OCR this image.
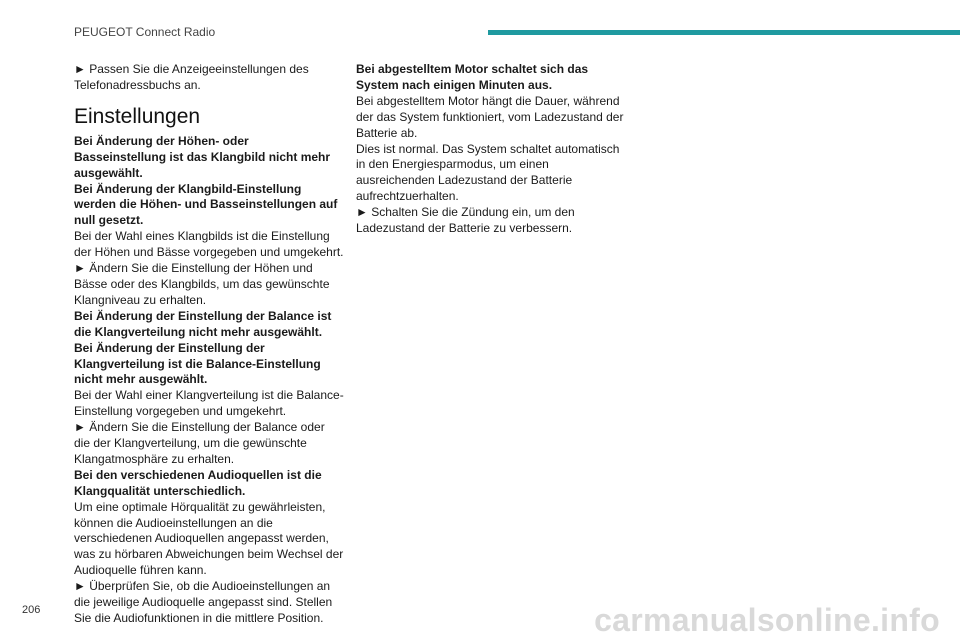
PEUGEOT Connect Radio

► Passen Sie die Anzeigeeinstellungen des Telefonadressbuchs an.

Einstellungen

Bei Änderung der Höhen- oder Basseinstellung ist das Klangbild nicht mehr ausgewählt.

Bei Änderung der Klangbild-Einstellung werden die Höhen- und Basseinstellungen auf null gesetzt.

Bei der Wahl eines Klangbilds ist die Einstellung der Höhen und Bässe vorgegeben und umgekehrt.

► Ändern Sie die Einstellung der Höhen und Bässe oder des Klangbilds, um das gewünschte Klangniveau zu erhalten.

Bei Änderung der Einstellung der Balance ist die Klangverteilung nicht mehr ausgewählt.

Bei Änderung der Einstellung der Klangverteilung ist die Balance-Einstellung nicht mehr ausgewählt.

Bei der Wahl einer Klangverteilung ist die Balance-Einstellung vorgegeben und umgekehrt.

► Ändern Sie die Einstellung der Balance oder die der Klangverteilung, um die gewünschte Klangatmosphäre zu erhalten.

Bei den verschiedenen Audioquellen ist die Klangqualität unterschiedlich.

Um eine optimale Hörqualität zu gewährleisten, können die Audioeinstellungen an die verschiedenen Audioquellen angepasst werden, was zu hörbaren Abweichungen beim Wechsel der Audioquelle führen kann.

► Überprüfen Sie, ob die Audioeinstellungen an die jeweilige Audioquelle angepasst sind. Stellen Sie die Audiofunktionen in die mittlere Position.

Bei abgestelltem Motor schaltet sich das System nach einigen Minuten aus.

Bei abgestelltem Motor hängt die Dauer, während der das System funktioniert, vom Ladezustand der Batterie ab.

Dies ist normal. Das System schaltet automatisch in den Energiesparmodus, um einen ausreichenden Ladezustand der Batterie aufrechtzuerhalten.

► Schalten Sie die Zündung ein, um den Ladezustand der Batterie zu verbessern.

206	carmanualsonline.info
